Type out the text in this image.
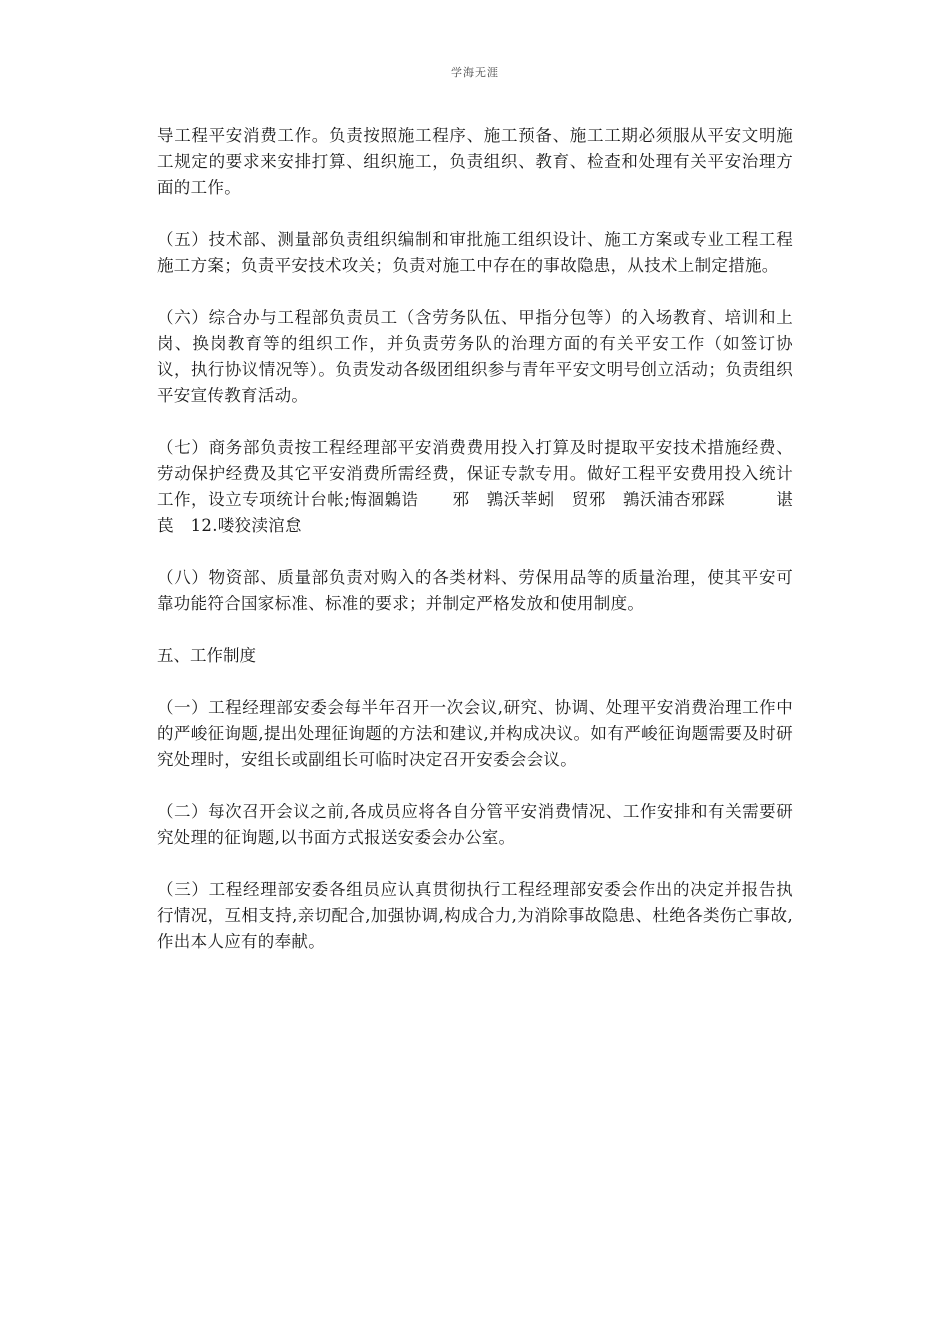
学海无涯

导工程平安消费工作。负责按照施工程序、施工预备、施工工期必须服从平安文明施工规定的要求来安排打算、组织施工，负责组织、教育、检查和处理有关平安治理方面的工作。

（五）技术部、测量部负责组织编制和审批施工组织设计、施工方案或专业工程工程施工方案；负责平安技术攻关；负责对施工中存在的事故隐患，从技术上制定措施。

（六）综合办与工程部负责员工（含劳务队伍、甲指分包等）的入场教育、培训和上岗、换岗教育等的组织工作，并负责劳务队的治理方面的有关平安工作（如签订协议，执行协议情况等）。负责发动各级团组织参与青年平安文明号创立活动；负责组织平安宣传教育活动。

（七）商务部负责按工程经理部平安消费费用投入打算及时提取平安技术措施经费、劳动保护经费及其它平安消费所需经费，保证专款专用。做好工程平安费用投入统计工作，设立专项统计台帐;悔涸鷍诰　　邪　鶉沃莘蚓　贸邪　鶉沃浦杏邪踩　　　谌苠　12.喽狡渎涫怠

（八）物资部、质量部负责对购入的各类材料、劳保用品等的质量治理，使其平安可靠功能符合国家标准、标准的要求；并制定严格发放和使用制度。

五、工作制度

（一）工程经理部安委会每半年召开一次会议,研究、协调、处理平安消费治理工作中的严峻征询题,提出处理征询题的方法和建议,并构成决议。如有严峻征询题需要及时研究处理时，安组长或副组长可临时决定召开安委会会议。

（二）每次召开会议之前,各成员应将各自分管平安消费情况、工作安排和有关需要研究处理的征询题,以书面方式报送安委会办公室。

（三）工程经理部安委各组员应认真贯彻执行工程经理部安委会作出的决定并报告执行情况，互相支持,亲切配合,加强协调,构成合力,为消除事故隐患、杜绝各类伤亡事故,作出本人应有的奉献。
